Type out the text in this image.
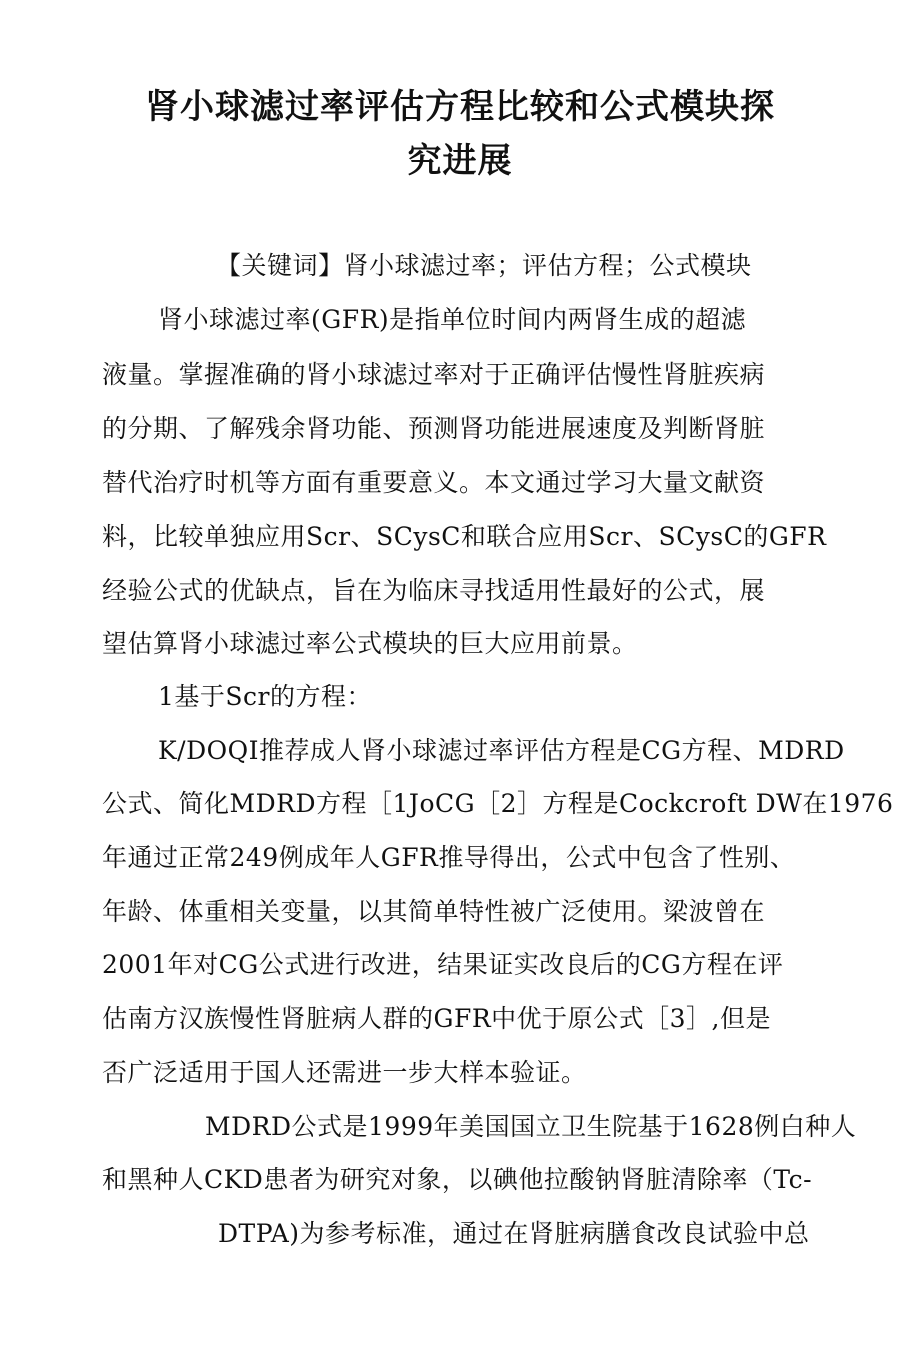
肾小球滤过率评估方程比较和公式模块探
究进展
【关键词】肾小球滤过率；评估方程；公式模块
肾小球滤过率(GFR)是指单位时间内两肾生成的超滤
液量。掌握准确的肾小球滤过率对于正确评估慢性肾脏疾病
的分期、了解残余肾功能、预测肾功能进展速度及判断肾脏
替代治疗时机等方面有重要意义。本文通过学习大量文献资
料，比较单独应用Scr、SCysC和联合应用Scr、SCysC的GFR
经验公式的优缺点，旨在为临床寻找适用性最好的公式，展
望估算肾小球滤过率公式模块的巨大应用前景。
1基于Scr的方程：
K/DOQI推荐成人肾小球滤过率评估方程是CG方程、MDRD
公式、简化MDRD方程［1JoCG［2］方程是Cockcroft DW在1976
年通过正常249例成年人GFR推导得出，公式中包含了性别、
年龄、体重相关变量，以其简单特性被广泛使用。梁波曾在
2001年对CG公式进行改进，结果证实改良后的CG方程在评
估南方汉族慢性肾脏病人群的GFR中优于原公式［3］,但是
否广泛适用于国人还需进一步大样本验证。
MDRD公式是1999年美国国立卫生院基于1628例白种人
和黑种人CKD患者为研究对象，以碘他拉酸钠肾脏清除率（Tc-
DTPA)为参考标准，通过在肾脏病膳食改良试验中总
